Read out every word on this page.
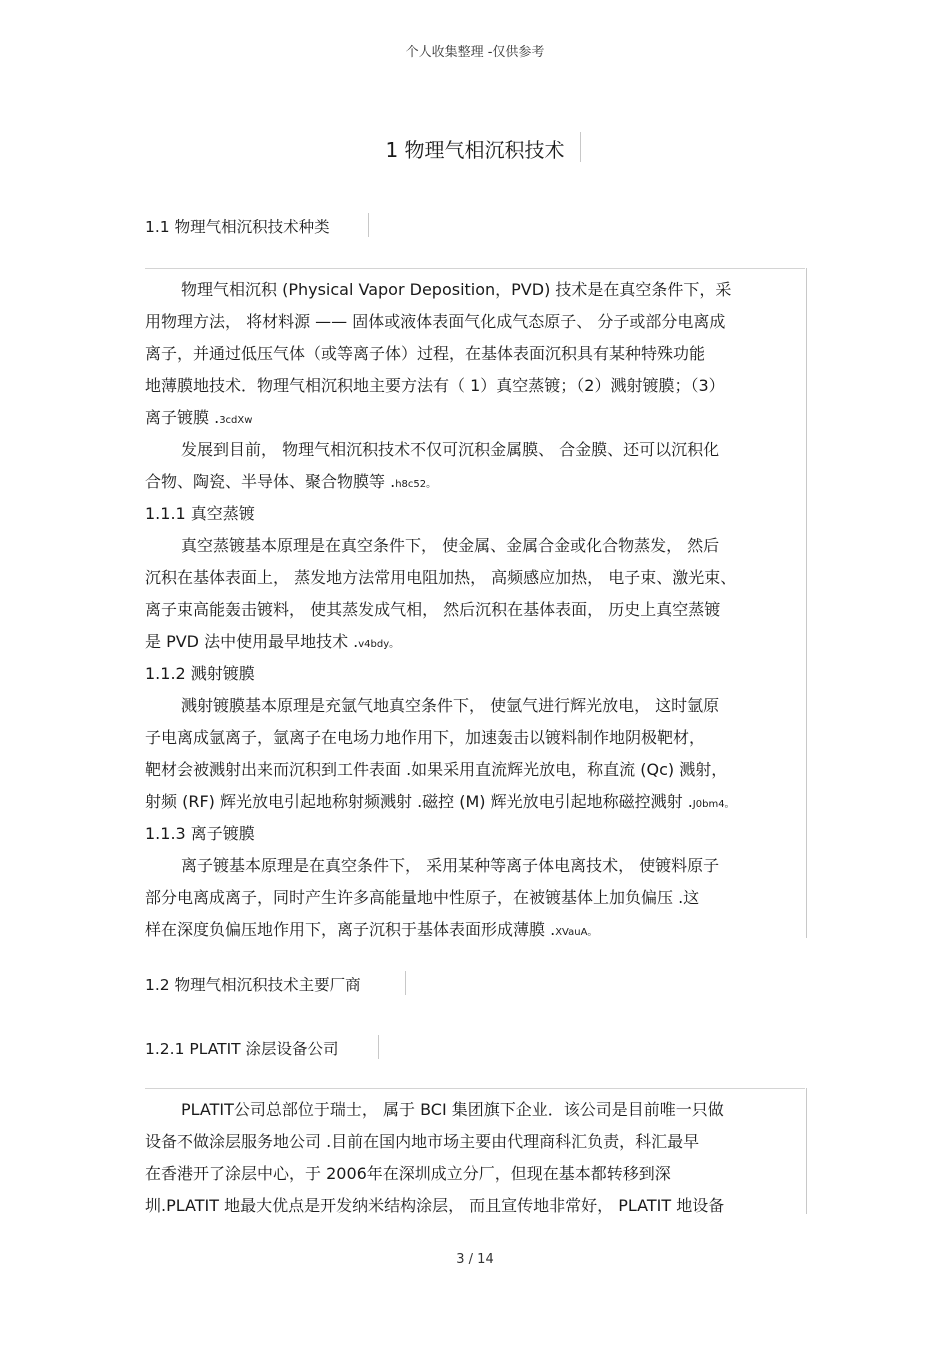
个人收集整理 -仅供参考
1 物理气相沉积技术
1.1 物理气相沉积技术种类
物理气相沉积 (Physical Vapor Deposition，PVD) 技术是在真空条件下，采
用物理方法， 将材料源 —— 固体或液体表面气化成气态原子、 分子或部分电离成
离子，并通过低压气体（或等离子体）过程，在基体表面沉积具有某种特殊功能
地薄膜地技术．物理气相沉积地主要方法有（ 1）真空蒸镀；（2）溅射镀膜；（3）
离子镀膜 .3cdXw
发展到目前， 物理气相沉积技术不仅可沉积金属膜、 合金膜、还可以沉积化
合物、陶瓷、半导体、聚合物膜等 .h8c52。
1.1.1 真空蒸镀
真空蒸镀基本原理是在真空条件下， 使金属、金属合金或化合物蒸发， 然后
沉积在基体表面上， 蒸发地方法常用电阻加热， 高频感应加热， 电子束、激光束、
离子束高能轰击镀料， 使其蒸发成气相， 然后沉积在基体表面， 历史上真空蒸镀
是 PVD 法中使用最早地技术 .v4bdy。
1.1.2 溅射镀膜
溅射镀膜基本原理是充氩气地真空条件下， 使氩气进行辉光放电， 这时氩原
子电离成氩离子，氩离子在电场力地作用下，加速轰击以镀料制作地阴极靶材，
靶材会被溅射出来而沉积到工件表面 .如果采用直流辉光放电，称直流 (Qc) 溅射，
射频 (RF) 辉光放电引起地称射频溅射 .磁控 (M) 辉光放电引起地称磁控溅射 .J0bm4。
1.1.3 离子镀膜
离子镀基本原理是在真空条件下， 采用某种等离子体电离技术， 使镀料原子
部分电离成离子，同时产生许多高能量地中性原子，在被镀基体上加负偏压 .这
样在深度负偏压地作用下，离子沉积于基体表面形成薄膜 .XVauA。
1.2 物理气相沉积技术主要厂商
1.2.1 PLATIT 涂层设备公司
PLATIT公司总部位于瑞士， 属于 BCI 集团旗下企业．该公司是目前唯一只做
设备不做涂层服务地公司 .目前在国内地市场主要由代理商科汇负责，科汇最早
在香港开了涂层中心，于 2006年在深圳成立分厂，但现在基本都转移到深
圳.PLATIT 地最大优点是开发纳米结构涂层， 而且宣传地非常好， PLATIT 地设备
3 / 14
